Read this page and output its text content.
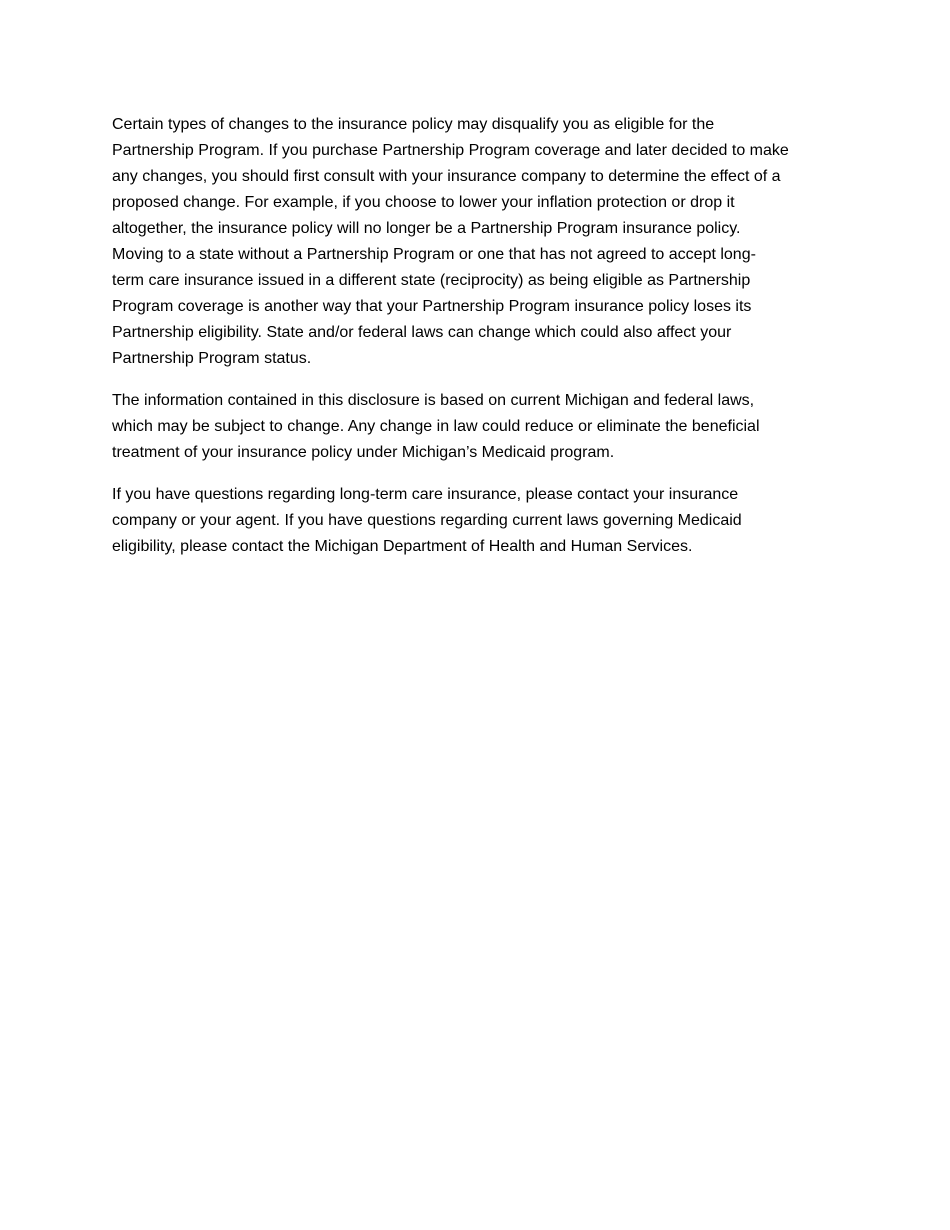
Certain types of changes to the insurance policy may disqualify you as eligible for the
Partnership Program. If you purchase Partnership Program coverage and later decided to make
any changes, you should first consult with your insurance company to determine the effect of a
proposed change. For example, if you choose to lower your inflation protection or drop it
altogether, the insurance policy will no longer be a Partnership Program insurance policy.
Moving to a state without a Partnership Program or one that has not agreed to accept long-
term care insurance issued in a different state (reciprocity) as being eligible as Partnership
Program coverage is another way that your Partnership Program insurance policy loses its
Partnership eligibility. State and/or federal laws can change which could also affect your
Partnership Program status.
The information contained in this disclosure is based on current Michigan and federal laws,
which may be subject to change. Any change in law could reduce or eliminate the beneficial
treatment of your insurance policy under Michigan’s Medicaid program.
If you have questions regarding long-term care insurance, please contact your insurance
company or your agent. If you have questions regarding current laws governing Medicaid
eligibility, please contact the Michigan Department of Health and Human Services.
